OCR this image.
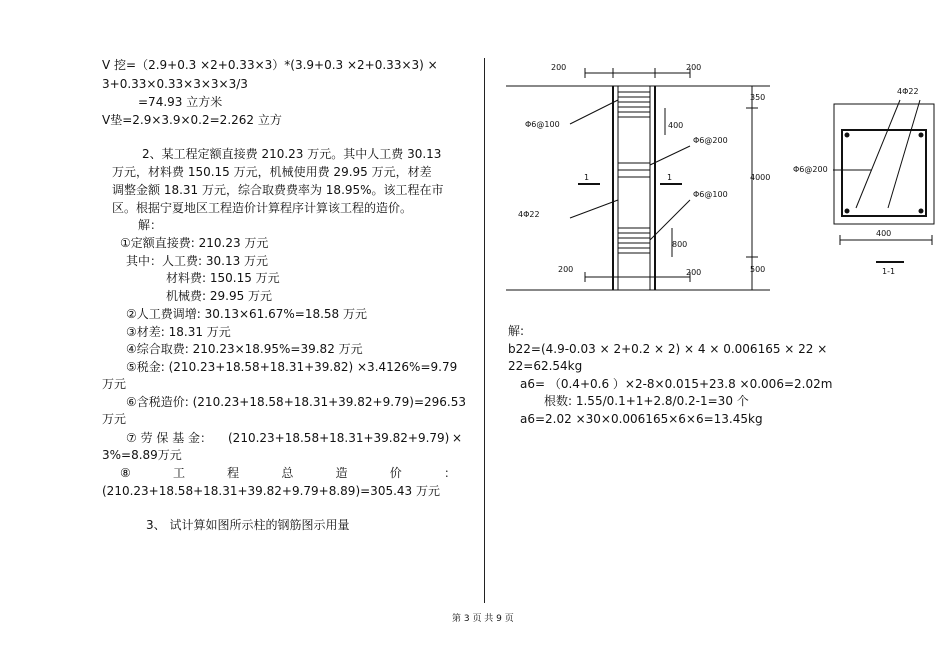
V 挖=（2.9+0.3 ×2+0.33×3）*(3.9+0.3 ×2+0.33×3) ×
3+0.33×0.33×3×3×3/3
=74.93 立方米
V垫=2.9×3.9×0.2=2.262 立方
2、某工程定额直接费 210.23 万元。其中人工费 30.13
万元，材料费 150.15 万元，机械使用费 29.95 万元，材差
调整金额 18.31 万元，综合取费费率为 18.95%。该工程在市
区。根据宁夏地区工程造价计算程序计算该工程的造价。
解：
①定额直接费: 210.23 万元
其中：人工费: 30.13 万元
材料费: 150.15 万元
机械费: 29.95 万元
②人工费调增: 30.13×61.67%=18.58 万元
③材差: 18.31 万元
④综合取费: 210.23×18.95%=39.82 万元
⑤税金: (210.23+18.58+18.31+39.82) ×3.4126%=9.79
万元
⑥含税造价: (210.23+18.58+18.31+39.82+9.79)=296.53
万元
⑦ 劳 保 基 金： (210.23+18.58+18.31+39.82+9.79) ×
3%=8.89万元
⑧	工	程	总	造	价	：
(210.23+18.58+18.31+39.82+9.79+8.89)=305.43 万元
3、 试计算如图所示柱的钢筋图示用量
解:
b22=(4.9-0.03 × 2+0.2 × 2) × 4 × 0.006165 × 22 ×
22=62.54kg
a6= （0.4+0.6 ）×2-8×0.015+23.8 ×0.006=2.02m
根数: 1.55/0.1+1+2.8/0.2-1=30 个
a6=2.02 ×30×0.006165×6×6=13.45kg
第 3 页 共 9 页
200	200
350
400
4000
800
200	200	500
Φ6@100
Φ6@200
Φ6@100
4Φ22
1	1
4Φ22
Φ6@200
400
1-1
